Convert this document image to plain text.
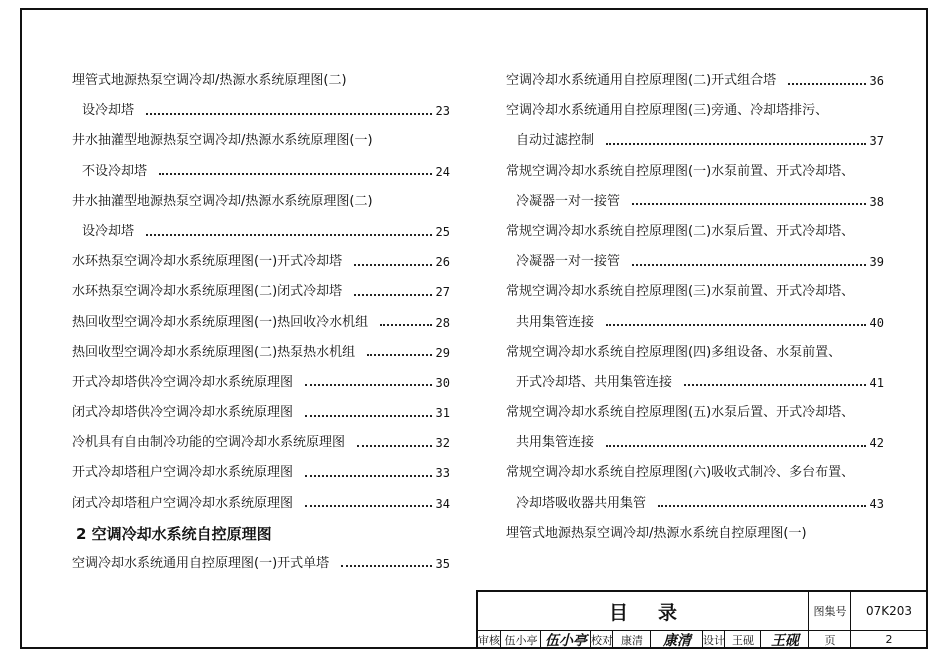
埋管式地源热泵空调冷却/热源水系统原理图(二)
设冷却塔	23
井水抽灌型地源热泵空调冷却/热源水系统原理图(一)
不设冷却塔	24
井水抽灌型地源热泵空调冷却/热源水系统原理图(二)
设冷却塔	25
水环热泵空调冷却水系统原理图(一)开式冷却塔	26
水环热泵空调冷却水系统原理图(二)闭式冷却塔	27
热回收型空调冷却水系统原理图(一)热回收冷水机组	28
热回收型空调冷却水系统原理图(二)热泵热水机组	29
开式冷却塔供冷空调冷却水系统原理图	30
闭式冷却塔供冷空调冷却水系统原理图	31
冷机具有自由制冷功能的空调冷却水系统原理图	32
开式冷却塔租户空调冷却水系统原理图	33
闭式冷却塔租户空调冷却水系统原理图	34
2 空调冷却水系统自控原理图
空调冷却水系统通用自控原理图(一)开式单塔	35
空调冷却水系统通用自控原理图(二)开式组合塔	36
空调冷却水系统通用自控原理图(三)旁通、冷却塔排污、
自动过滤控制	37
常规空调冷却水系统自控原理图(一)水泵前置、开式冷却塔、
冷凝器一对一接管	38
常规空调冷却水系统自控原理图(二)水泵后置、开式冷却塔、
冷凝器一对一接管	39
常规空调冷却水系统自控原理图(三)水泵前置、开式冷却塔、
共用集管连接	40
常规空调冷却水系统自控原理图(四)多组设备、水泵前置、
开式冷却塔、共用集管连接	41
常规空调冷却水系统自控原理图(五)水泵后置、开式冷却塔、
共用集管连接	42
常规空调冷却水系统自控原理图(六)吸收式制冷、多台布置、
冷却塔吸收器共用集管	43
埋管式地源热泵空调冷却/热源水系统自控原理图(一)
目录	图集号	07K203
审核 伍小亭 伍小亭 校对 康清	康清	设计 王砚	王砚	页	2
